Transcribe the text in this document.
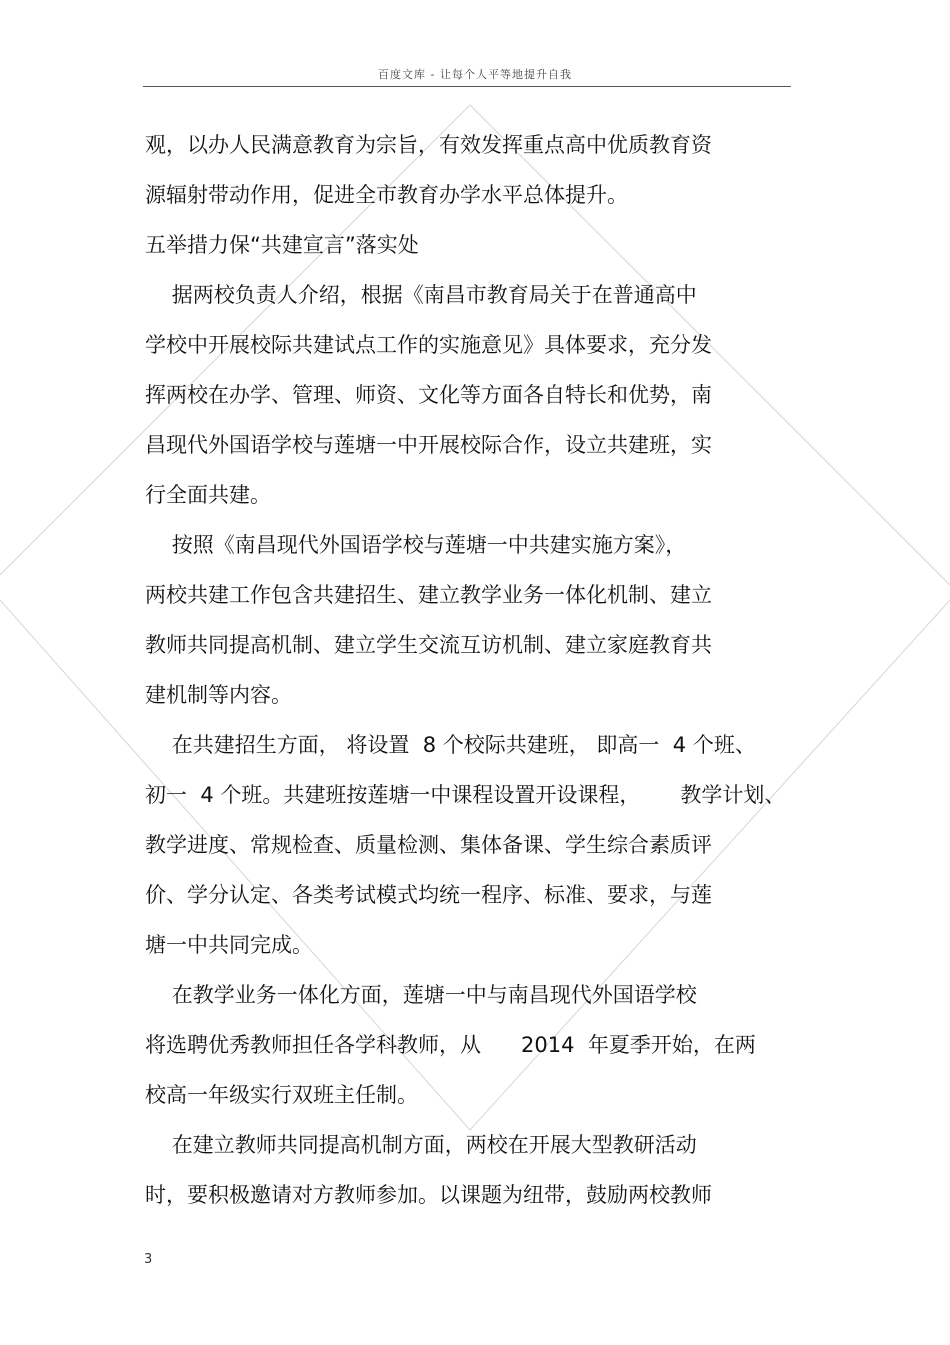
百度文库 - 让每个人平等地提升自我
观，以办人民满意教育为宗旨，有效发挥重点高中优质教育资
源辐射带动作用，促进全市教育办学水平总体提升。
五举措力保“共建宣言”落实处
据两校负责人介绍，根据《南昌市教育局关于在普通高中
学校中开展校际共建试点工作的实施意见》具体要求，充分发
挥两校在办学、管理、师资、文化等方面各自特长和优势，南
昌现代外国语学校与莲塘一中开展校际合作，设立共建班，实
行全面共建。
按照《南昌现代外国语学校与莲塘一中共建实施方案》，
两校共建工作包含共建招生、建立教学业务一体化机制、建立
教师共同提高机制、建立学生交流互访机制、建立家庭教育共
建机制等内容。
在共建招生方面， 将设置  8 个校际共建班， 即高一  4 个班、
初一  4 个班。共建班按莲塘一中课程设置开设课程，      教学计划、
教学进度、常规检查、质量检测、集体备课、学生综合素质评
价、学分认定、各类考试模式均统一程序、标准、要求，与莲
塘一中共同完成。
在教学业务一体化方面，莲塘一中与南昌现代外国语学校
将选聘优秀教师担任各学科教师，从      2014  年夏季开始，在两
校高一年级实行双班主任制。
在建立教师共同提高机制方面，两校在开展大型教研活动
时，要积极邀请对方教师参加。以课题为纽带，鼓励两校教师
3
